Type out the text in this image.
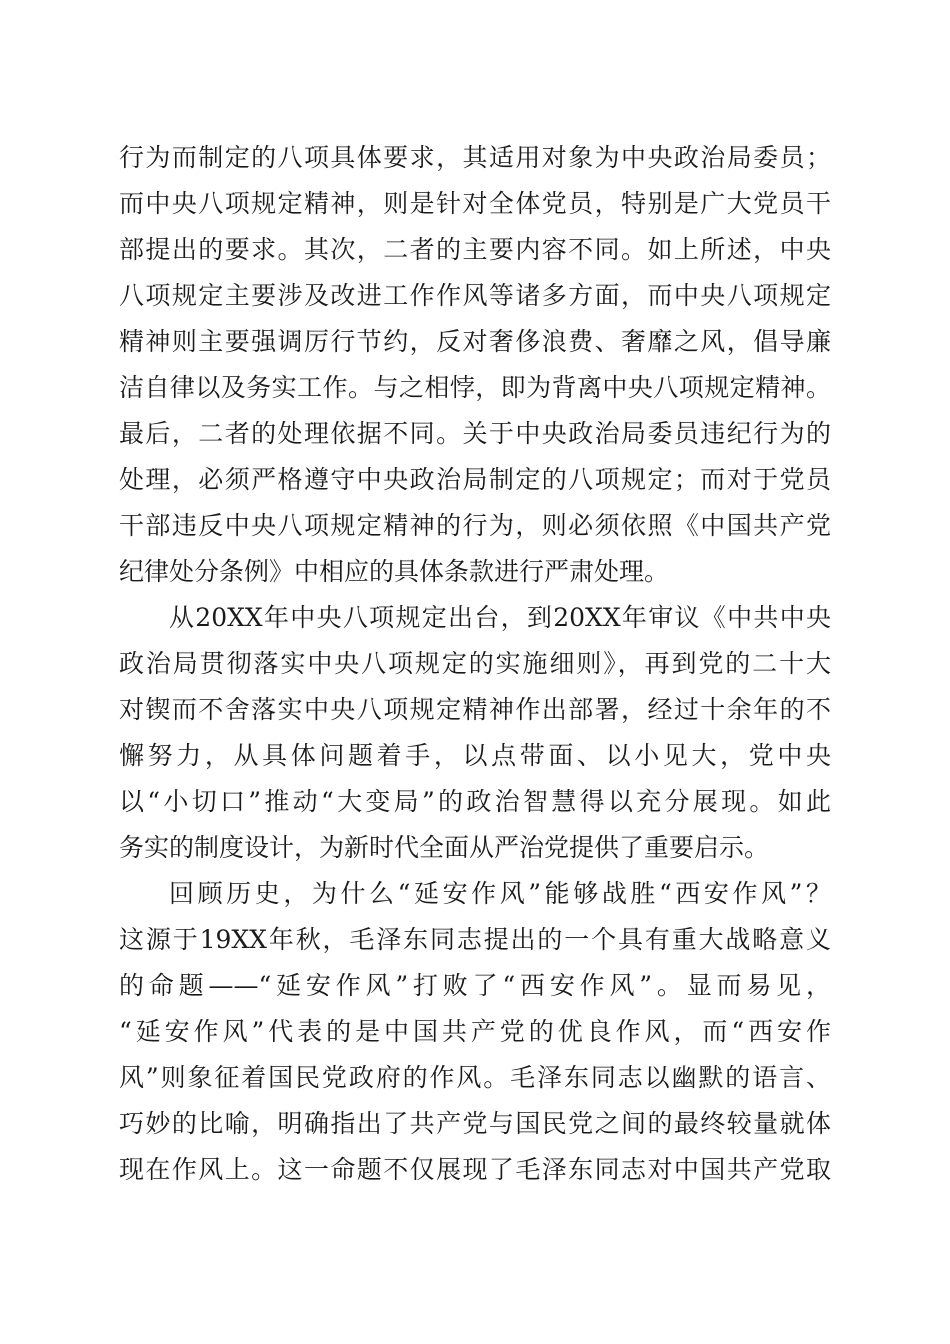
行为而制定的八项具体要求，其适用对象为中央政治局委员；
而中央八项规定精神，则是针对全体党员，特别是广大党员干
部提出的要求。其次，二者的主要内容不同。如上所述，中央
八项规定主要涉及改进工作作风等诸多方面，而中央八项规定
精神则主要强调厉行节约，反对奢侈浪费、奢靡之风，倡导廉
洁自律以及务实工作。与之相悖，即为背离中央八项规定精神。
最后，二者的处理依据不同。关于中央政治局委员违纪行为的
处理，必须严格遵守中央政治局制定的八项规定；而对于党员
干部违反中央八项规定精神的行为，则必须依照《中国共产党
纪律处分条例》中相应的具体条款进行严肃处理。
从20XX年中央八项规定出台，到20XX年审议《中共中央
政治局贯彻落实中央八项规定的实施细则》，再到党的二十大
对锲而不舍落实中央八项规定精神作出部署，经过十余年的不
懈努力，从具体问题着手，以点带面、以小见大，党中央
以“小切口”推动“大变局”的政治智慧得以充分展现。如此
务实的制度设计，为新时代全面从严治党提供了重要启示。
回顾历史，为什么“延安作风”能够战胜“西安作风”？
这源于19XX年秋，毛泽东同志提出的一个具有重大战略意义
的命题——“延安作风”打败了“西安作风”。显而易见，
“延安作风”代表的是中国共产党的优良作风，而“西安作
风”则象征着国民党政府的作风。毛泽东同志以幽默的语言、
巧妙的比喻，明确指出了共产党与国民党之间的最终较量就体
现在作风上。这一命题不仅展现了毛泽东同志对中国共产党取
